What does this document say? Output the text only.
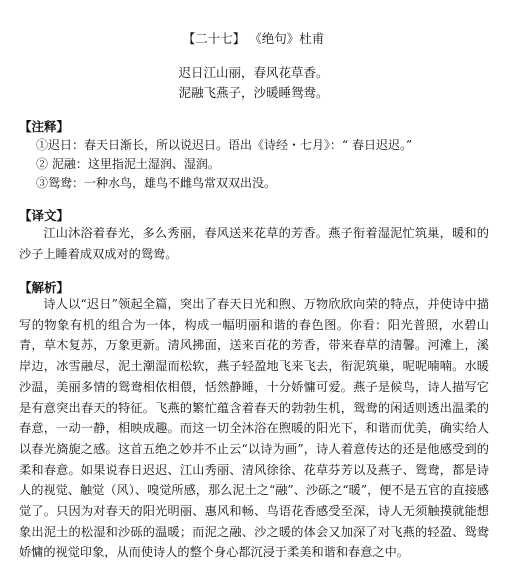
【二十七】 《绝句》杜甫
迟日江山丽，春风花草香。
泥融飞燕子，沙暖睡鸳鸯。
【注释】
①迟日：春天日渐长，所以说迟日。语出《诗经・七月》：“ 春日迟迟。”
② 泥融：这里指泥土湿润、湿润。
③鸳鸯：一种水鸟，雄鸟不雌鸟常双双出没。
【译文】

江山沐浴着春光，多么秀丽，春风送来花草的芳香。燕子衔着湿泥忙筑巢，暖和的沙子上睡着成双成对的鸳鸯。

【解析】

诗人以“迟日”领起全篇，突出了春天日光和煦、万物欣欣向荣的特点，并使诗中描写的物象有机的组合为一体，构成一幅明丽和谐的春色图。你看：阳光普照，水碧山青，草木复苏，万象更新。清风拂面，送来百花的芳香，带来春草的清馨。河滩上，溪岸边，冰雪融尽，泥土潮湿而松软，燕子轻盈地飞来飞去，衔泥筑巢，呢呢喃喃。水暖沙温，美丽多情的鸳鸯相依相偎，恬然静睡，十分娇慵可爱。燕子是候鸟，诗人描写它是有意突出春天的特征。飞燕的繁忙蕴含着春天的勃勃生机，鸳鸯的闲适则透出温柔的春意，一动一静，相映成趣。而这一切全沐浴在煦暖的阳光下，和谐而优美，确实给人以春光旖旎之感。这首五绝之妙并不止云“以诗为画”，诗人着意传达的还是他感受到的柔和春意。如果说春日迟迟、江山秀丽、清风徐徐、花草芬芳以及燕子、鸳鸯，都是诗人的视觉、触觉（风）、嗅觉所感，那么泥土之“融”、沙砾之“暖”，便不是五官的直接感觉了。只因为对春天的阳光明丽、惠风和畅、鸟语花香感受至深，诗人无须触摸就能想象出泥土的松湿和沙砾的温暖；而泥之融、沙之暖的体会又加深了对飞燕的轻盈、鸳鸯娇慵的视觉印象，从而使诗人的整个身心都沉浸于柔美和谐和春意之中。
